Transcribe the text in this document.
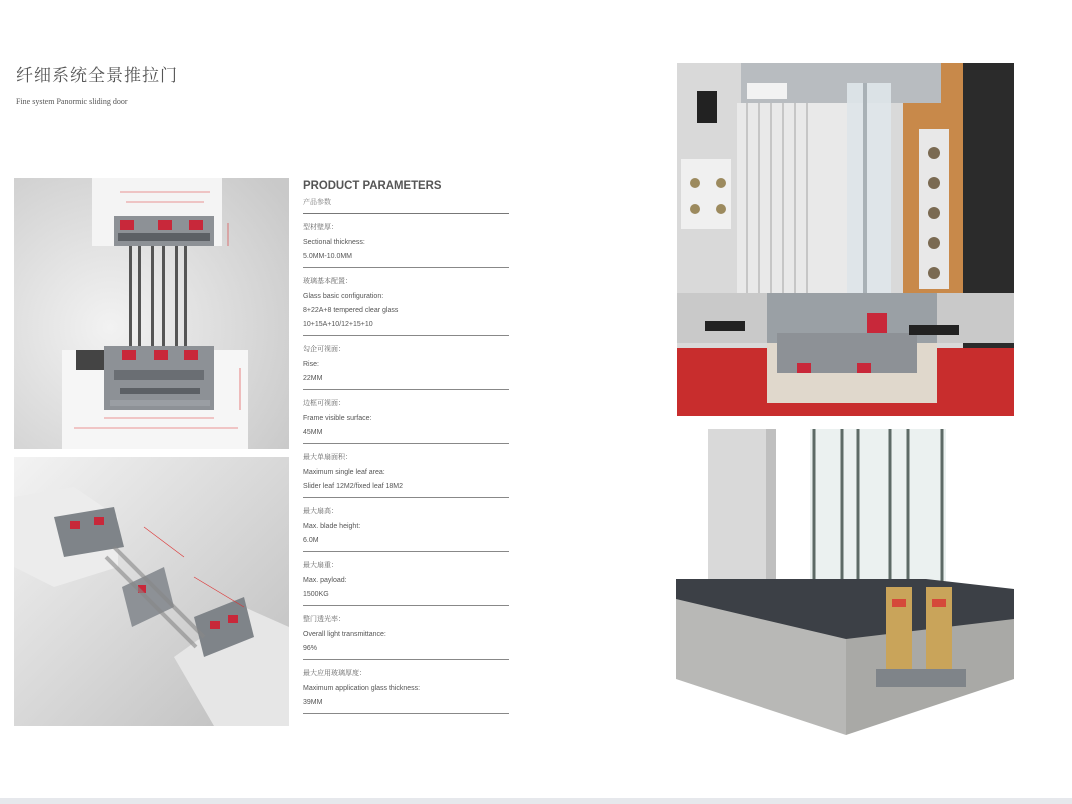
纤细系统全景推拉门
Fine system Panormic sliding door
PRODUCT PARAMETERS
产品参数
型材壁厚：
Sectional thickness:
5.0MM-10.0MM
玻璃基本配置：
Glass basic configuration:
8+22A+8 tempered clear glass
10+15A+10/12+15+10
勾企可视面：
Rise:
22MM
边框可视面：
Frame visible surface:
45MM
最大单扇面积：
Maximum single leaf area:
Slider leaf 12M2/fixed leaf 18M2
最大扇高：
Max. blade height:
6.0M
最大扇重：
Max. payload:
1500KG
整门透光率：
Overall light transmittance:
96%
最大应用玻璃厚度：
Maximum application glass thickness:
39MM
